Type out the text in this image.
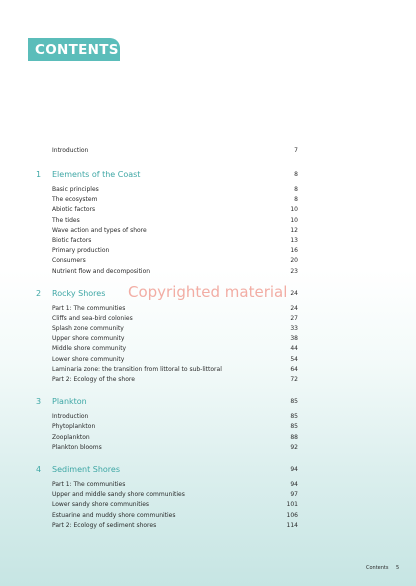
CONTENTS
Introduction	7
1 Elements of the Coast	8
Basic principles	8
The ecosystem	8
Abiotic factors	10
The tides	10
Wave action and types of shore	12
Biotic factors	13
Primary production	16
Consumers	20
Nutrient flow and decomposition	23
2 Rocky Shores	24
Part 1: The communities	24
Cliffs and sea-bird colonies	27
Splash zone community	33
Upper shore community	38
Middle shore community	44
Lower shore community	54
Laminaria zone: the transition from littoral to sub-littoral	64
Part 2: Ecology of the shore	72
3 Plankton	85
Introduction	85
Phytoplankton	85
Zooplankton	88
Plankton blooms	92
4 Sediment Shores	94
Part 1: The communities	94
Upper and middle sandy shore communities	97
Lower sandy shore communities	101
Estuarine and muddy shore communities	106
Part 2: Ecology of sediment shores	114
Copyrighted material
Contents 5
